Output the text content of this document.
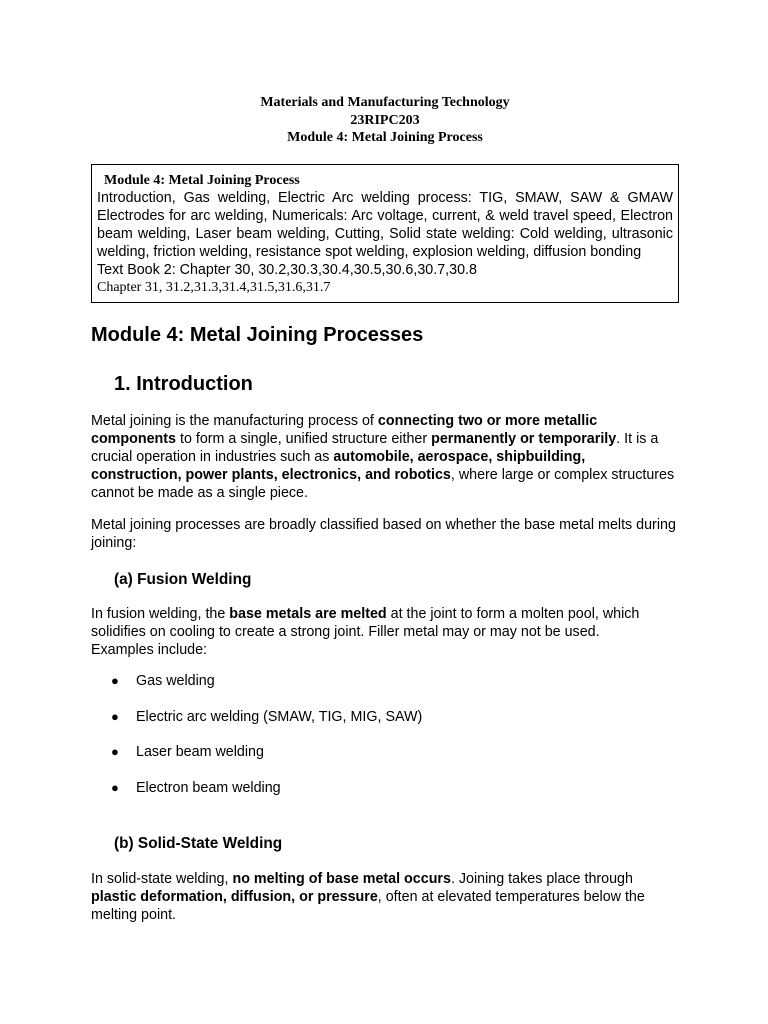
Materials and Manufacturing Technology
23RIPC203
Module 4: Metal Joining Process
Module 4: Metal Joining Process
Introduction, Gas welding, Electric Arc welding process: TIG, SMAW, SAW & GMAW Electrodes for arc welding, Numericals: Arc voltage, current, & weld travel speed, Electron beam welding, Laser beam welding, Cutting, Solid state welding: Cold welding, ultrasonic welding, friction welding, resistance spot welding, explosion welding, diffusion bonding
Text Book 2: Chapter 30, 30.2,30.3,30.4,30.5,30.6,30.7,30.8
Chapter 31, 31.2,31.3,31.4,31.5,31.6,31.7
Module 4: Metal Joining Processes
1. Introduction

Metal joining is the manufacturing process of connecting two or more metallic components to form a single, unified structure either permanently or temporarily. It is a crucial operation in industries such as automobile, aerospace, shipbuilding, construction, power plants, electronics, and robotics, where large or complex structures cannot be made as a single piece.

Metal joining processes are broadly classified based on whether the base metal melts during joining:

(a) Fusion Welding

In fusion welding, the base metals are melted at the joint to form a molten pool, which solidifies on cooling to create a strong joint. Filler metal may or may not be used.
Examples include:

● Gas welding
● Electric arc welding (SMAW, TIG, MIG, SAW)
● Laser beam welding
● Electron beam welding
(b) Solid-State Welding

In solid-state welding, no melting of base metal occurs. Joining takes place through plastic deformation, diffusion, or pressure, often at elevated temperatures below the melting point.
